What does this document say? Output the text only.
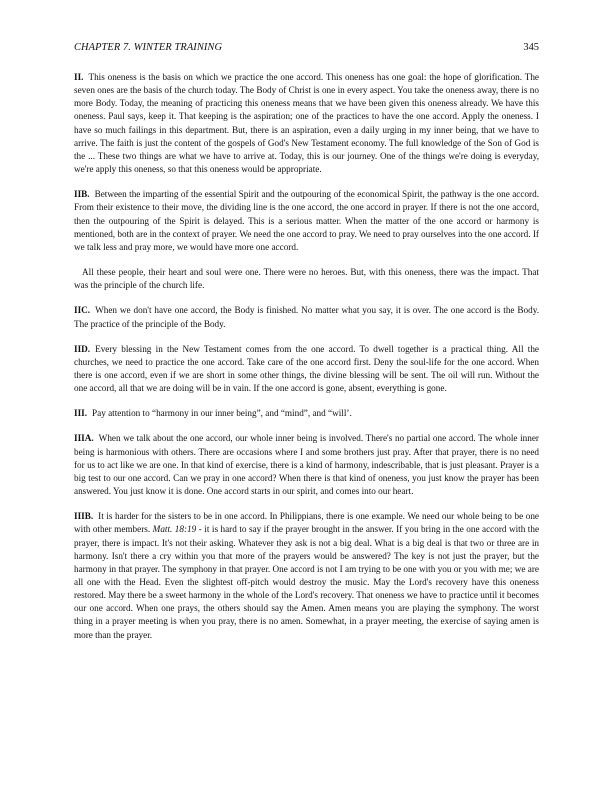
CHAPTER 7. WINTER TRAINING	345

II. This oneness is the basis on which we practice the one accord. This oneness has one goal: the hope of glorification. The seven ones are the basis of the church today. The Body of Christ is one in every aspect. You take the oneness away, there is no more Body. Today, the meaning of practicing this oneness means that we have been given this oneness already. We have this oneness. Paul says, keep it. That keeping is the aspiration; one of the practices to have the one accord. Apply the oneness. I have so much failings in this department. But, there is an aspiration, even a daily urging in my inner being, that we have to arrive. The faith is just the content of the gospels of God's New Testament economy. The full knowledge of the Son of God is the ... These two things are what we have to arrive at. Today, this is our journey. One of the things we're doing is everyday, we're apply this oneness, so that this oneness would be appropriate.

IIB. Between the imparting of the essential Spirit and the outpouring of the economical Spirit, the pathway is the one accord. From their existence to their move, the dividing line is the one accord, the one accord in prayer. If there is not the one accord, then the outpouring of the Spirit is delayed. This is a serious matter. When the matter of the one accord or harmony is mentioned, both are in the context of prayer. We need the one accord to pray. We need to pray ourselves into the one accord. If we talk less and pray more, we would have more one accord.

All these people, their heart and soul were one. There were no heroes. But, with this oneness, there was the impact. That was the principle of the church life.

IIC. When we don't have one accord, the Body is finished. No matter what you say, it is over. The one accord is the Body. The practice of the principle of the Body.

IID. Every blessing in the New Testament comes from the one accord. To dwell together is a practical thing. All the churches, we need to practice the one accord. Take care of the one accord first. Deny the soul-life for the one accord. When there is one accord, even if we are short in some other things, the divine blessing will be sent. The oil will run. Without the one accord, all that we are doing will be in vain. If the one accord is gone, absent, everything is gone.

III. Pay attention to “harmony in our inner being”, and “mind”, and “will’.

IIIA. When we talk about the one accord, our whole inner being is involved. There's no partial one accord. The whole inner being is harmonious with others. There are occasions where I and some brothers just pray. After that prayer, there is no need for us to act like we are one. In that kind of exercise, there is a kind of harmony, indescribable, that is just pleasant. Prayer is a big test to our one accord. Can we pray in one accord? When there is that kind of oneness, you just know the prayer has been answered. You just know it is done. One accord starts in our spirit, and comes into our heart.

IIIB. It is harder for the sisters to be in one accord. In Philippians, there is one example. We need our whole being to be one with other members. Matt. 18:19 - it is hard to say if the prayer brought in the answer. If you bring in the one accord with the prayer, there is impact. It's not their asking. Whatever they ask is not a big deal. What is a big deal is that two or three are in harmony. Isn't there a cry within you that more of the prayers would be answered? The key is not just the prayer, but the harmony in that prayer. The symphony in that prayer. One accord is not I am trying to be one with you or you with me; we are all one with the Head. Even the slightest off-pitch would destroy the music. May the Lord's recovery have this oneness restored. May there be a sweet harmony in the whole of the Lord's recovery. That oneness we have to practice until it becomes our one accord. When one prays, the others should say the Amen. Amen means you are playing the symphony. The worst thing in a prayer meeting is when you pray, there is no amen. Somewhat, in a prayer meeting, the exercise of saying amen is more than the prayer.
